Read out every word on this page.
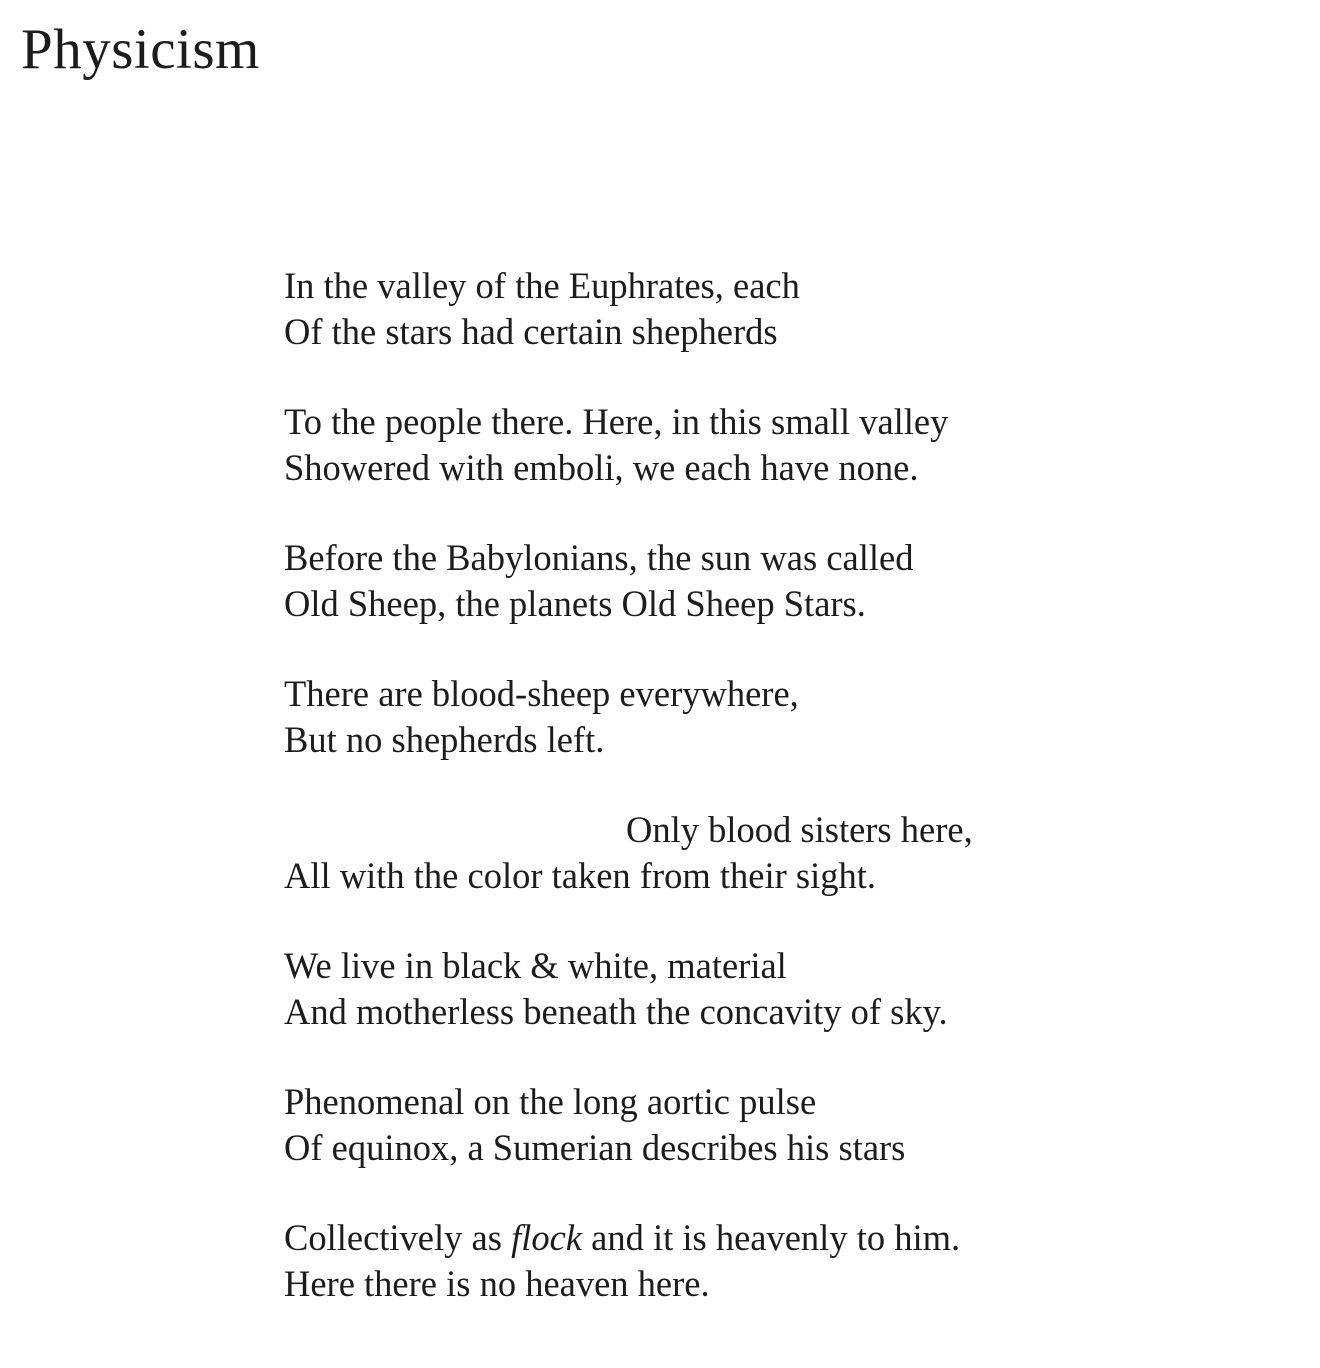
Physicism
In the valley of the Euphrates, each
Of the stars had certain shepherds
To the people there. Here, in this small valley
Showered with emboli, we each have none.
Before the Babylonians, the sun was called
Old Sheep, the planets Old Sheep Stars.
There are blood-sheep everywhere,
But no shepherds left.
Only blood sisters here,
All with the color taken from their sight.
We live in black & white, material
And motherless beneath the concavity of sky.
Phenomenal on the long aortic pulse
Of equinox, a Sumerian describes his stars
Collectively as flock and it is heavenly to him.
Here there is no heaven here.
